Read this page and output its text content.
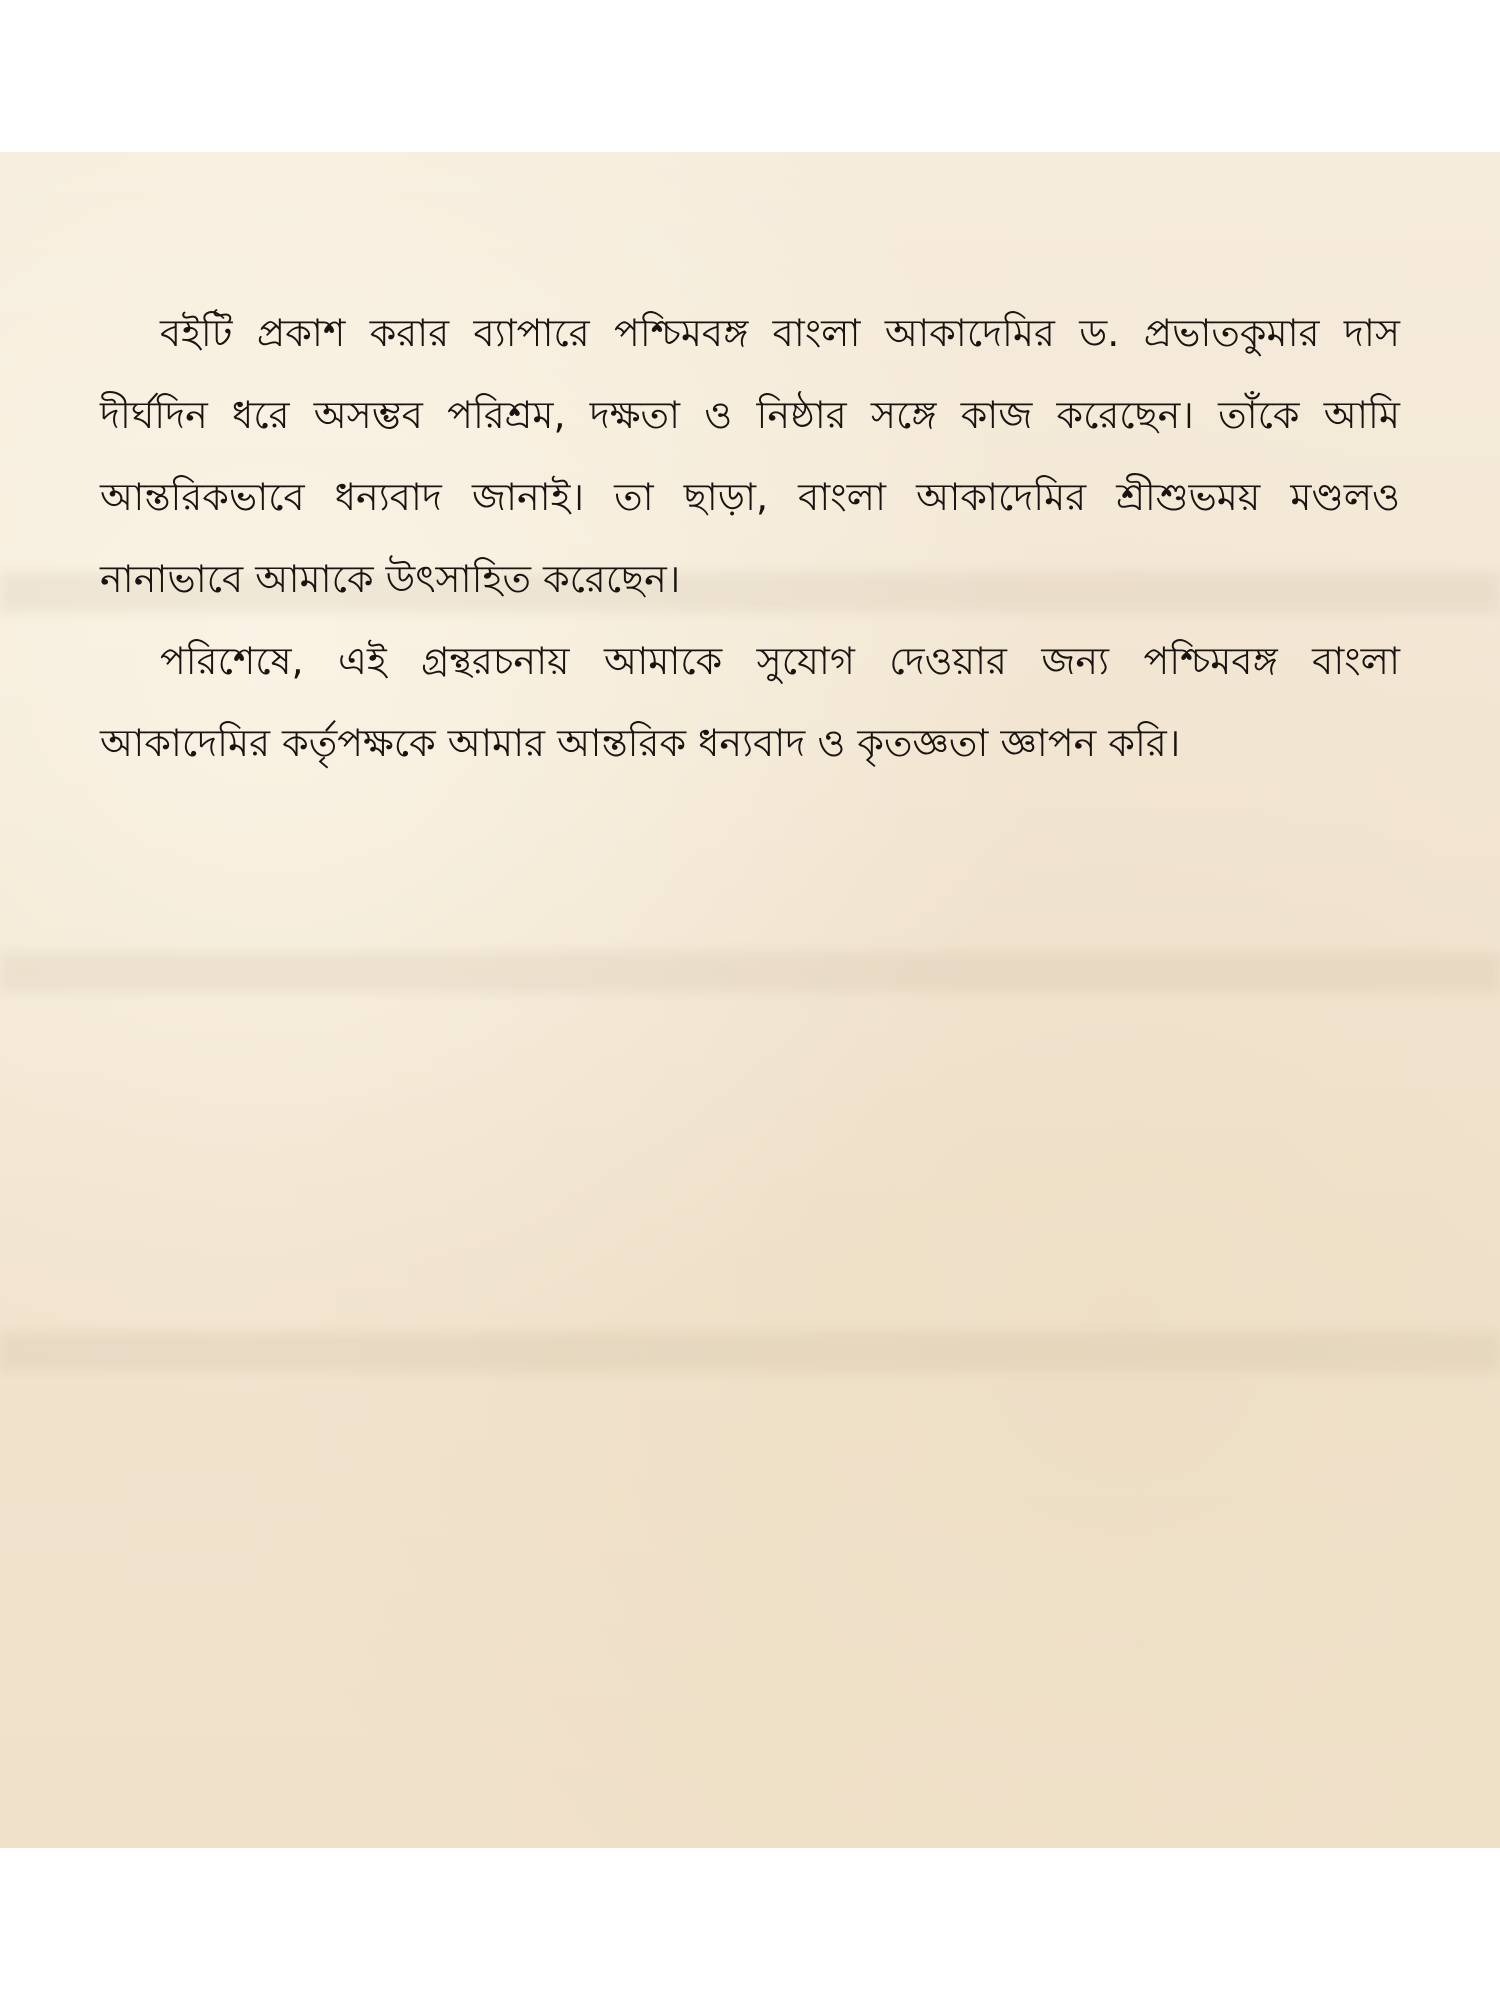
বইটি প্রকাশ করার ব্যাপারে পশ্চিমবঙ্গ বাংলা আকাদেমির ড. প্রভাতকুমার দাস দীর্ঘদিন ধরে অসম্ভব পরিশ্রম, দক্ষতা ও নিষ্ঠার সঙ্গে কাজ করেছেন। তাঁকে আমি আন্তরিকভাবে ধন্যবাদ জানাই। তা ছাড়া, বাংলা আকাদেমির শ্রীশুভময় মণ্ডলও নানাভাবে আমাকে উৎসাহিত করেছেন।

পরিশেষে, এই গ্রন্থরচনায় আমাকে সুযোগ দেওয়ার জন্য পশ্চিমবঙ্গ বাংলা আকাদেমির কর্তৃপক্ষকে আমার আন্তরিক ধন্যবাদ ও কৃতজ্ঞতা জ্ঞাপন করি।
